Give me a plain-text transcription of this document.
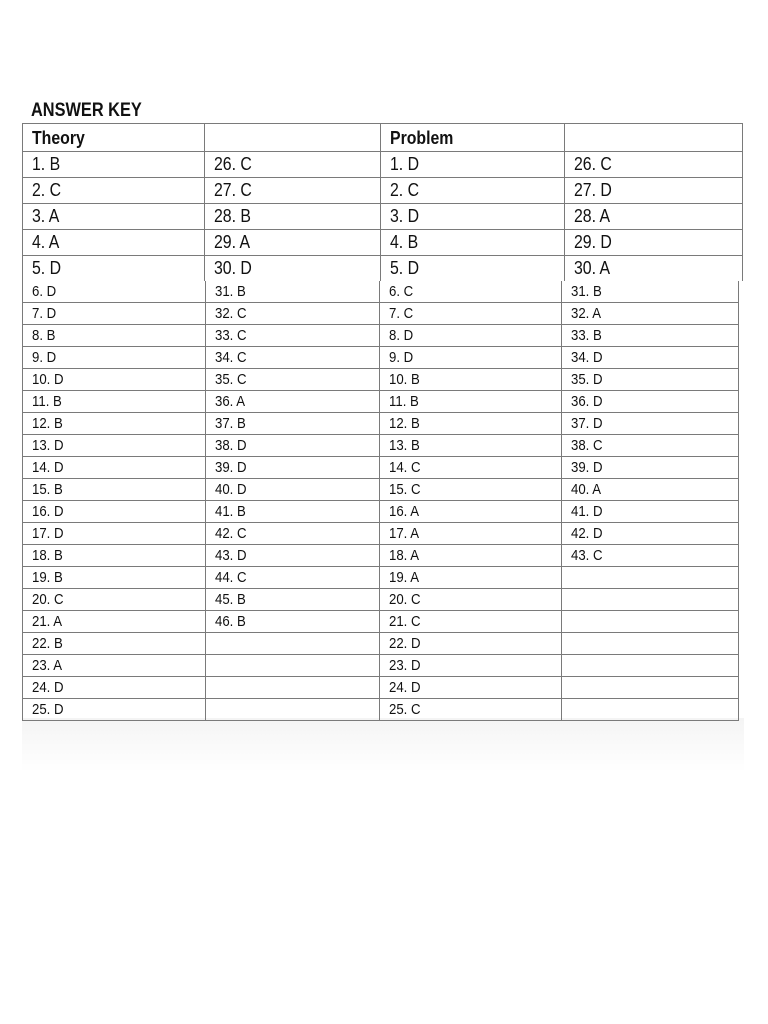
ANSWER KEY
Theory		Problem	
1. B	26. C	1. D	26. C
2. C	27. C	2. C	27. D
3. A	28. B	3. D	28. A
4. A	29. A	4. B	29. D
5. D	30. D	5. D	30. A
6. D	31. B	6. C	31. B
7. D	32. C	7. C	32. A
8. B	33. C	8. D	33. B
9. D	34. C	9. D	34. D
10. D	35. C	10. B	35. D
11. B	36. A	11. B	36. D
12. B	37. B	12. B	37. D
13. D	38. D	13. B	38. C
14. D	39. D	14. C	39. D
15. B	40. D	15. C	40. A
16. D	41. B	16. A	41. D
17. D	42. C	17. A	42. D
18. B	43. D	18. A	43. C
19. B	44. C	19. A	
20. C	45. B	20. C	
21. A	46. B	21. C	
22. B		22. D	
23. A		23. D	
24. D		24. D	
25. D		25. C	
